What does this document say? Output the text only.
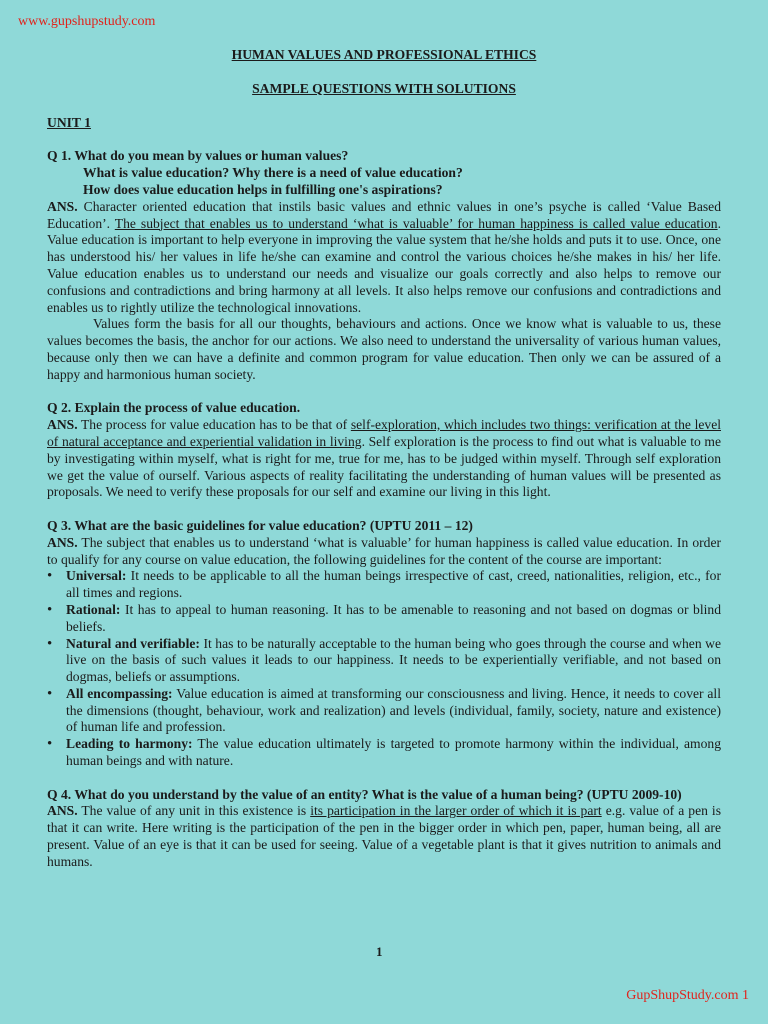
www.gupshupstudy.com
HUMAN VALUES AND PROFESSIONAL ETHICS
SAMPLE QUESTIONS WITH SOLUTIONS
UNIT 1
Q 1. What do you mean by values or human values?
What is value education? Why there is a need of value education?
How does value education helps in fulfilling one's aspirations?

ANS. Character oriented education that instils basic values and ethnic values in one’s psyche is called ‘Value Based Education’. The subject that enables us to understand ‘what is valuable’ for human happiness is called value education. Value education is important to help everyone in improving the value system that he/she holds and puts it to use. Once, one has understood his/ her values in life he/she can examine and control the various choices he/she makes in his/ her life. Value education enables us to understand our needs and visualize our goals correctly and also helps to remove our confusions and contradictions and bring harmony at all levels. It also helps remove our confusions and contradictions and enables us to rightly utilize the technological innovations.

Values form the basis for all our thoughts, behaviours and actions. Once we know what is valuable to us, these values becomes the basis, the anchor for our actions. We also need to understand the universality of various human values, because only then we can have a definite and common program for value education. Then only we can be assured of a happy and harmonious human society.

Q 2. Explain the process of value education.

ANS. The process for value education has to be that of self-exploration, which includes two things: verification at the level of natural acceptance and experiential validation in living. Self exploration is the process to find out what is valuable to me by investigating within myself, what is right for me, true for me, has to be judged within myself. Through self exploration we get the value of ourself. Various aspects of reality facilitating the understanding of human values will be presented as proposals. We need to verify these proposals for our self and examine our living in this light.

Q 3. What are the basic guidelines for value education? (UPTU 2011 – 12)

ANS. The subject that enables us to understand ‘what is valuable’ for human happiness is called value education. In order to qualify for any course on value education, the following guidelines for the content of the course are important:

• Universal: It needs to be applicable to all the human beings irrespective of cast, creed, nationalities, religion, etc., for all times and regions.
• Rational: It has to appeal to human reasoning. It has to be amenable to reasoning and not based on dogmas or blind beliefs.
• Natural and verifiable: It has to be naturally acceptable to the human being who goes through the course and when we live on the basis of such values it leads to our happiness. It needs to be experientially verifiable, and not based on dogmas, beliefs or assumptions.
• All encompassing: Value education is aimed at transforming our consciousness and living. Hence, it needs to cover all the dimensions (thought, behaviour, work and realization) and levels (individual, family, society, nature and existence) of human life and profession.
• Leading to harmony: The value education ultimately is targeted to promote harmony within the individual, among human beings and with nature.
Q 4. What do you understand by the value of an entity? What is the value of a human being? (UPTU 2009-10)

ANS. The value of any unit in this existence is its participation in the larger order of which it is part e.g. value of a pen is that it can write. Here writing is the participation of the pen in the bigger order in which pen, paper, human being, all are present. Value of an eye is that it can be used for seeing. Value of a vegetable plant is that it gives nutrition to animals and humans.

1
GupShupStudy.com 1
